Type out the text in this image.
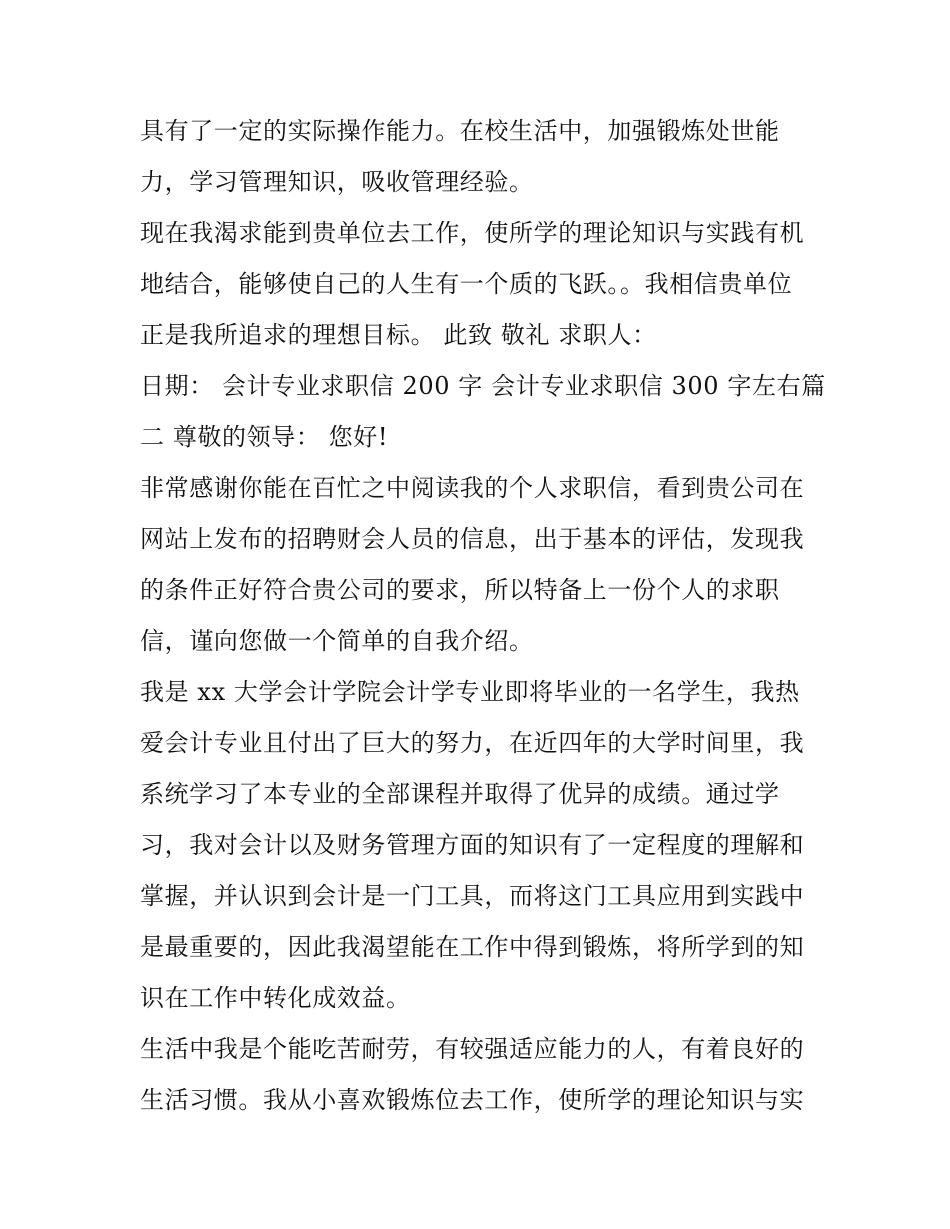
具有了一定的实际操作能力。在校生活中，加强锻炼处世能
力，学习管理知识，吸收管理经验。
现在我渴求能到贵单位去工作，使所学的理论知识与实践有机
地结合，能够使自己的人生有一个质的飞跃。。我相信贵单位
正是我所追求的理想目标。 此致 敬礼 求职人：
日期： 会计专业求职信 200 字 会计专业求职信 300 字左右篇
二 尊敬的领导： 您好!
非常感谢你能在百忙之中阅读我的个人求职信，看到贵公司在
网站上发布的招聘财会人员的信息，出于基本的评估，发现我
的条件正好符合贵公司的要求，所以特备上一份个人的求职
信，谨向您做一个简单的自我介绍。
我是 xx 大学会计学院会计学专业即将毕业的一名学生，我热
爱会计专业且付出了巨大的努力，在近四年的大学时间里，我
系统学习了本专业的全部课程并取得了优异的成绩。通过学
习，我对会计以及财务管理方面的知识有了一定程度的理解和
掌握，并认识到会计是一门工具，而将这门工具应用到实践中
是最重要的，因此我渴望能在工作中得到锻炼，将所学到的知
识在工作中转化成效益。
生活中我是个能吃苦耐劳，有较强适应能力的人，有着良好的
生活习惯。我从小喜欢锻炼位去工作，使所学的理论知识与实
